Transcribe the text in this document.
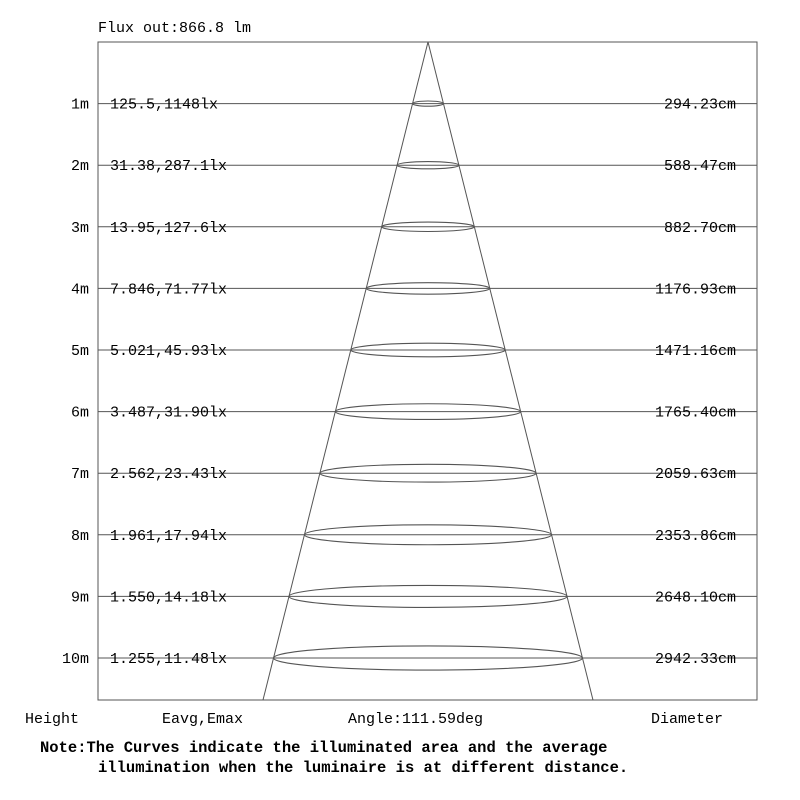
Flux out:866.8 lm
1m 125.5,1148lx	294.23cm
2m 31.38,287.1lx	588.47cm
3m 13.95,127.6lx	882.70cm
4m 7.846,71.77lx	1176.93cm
5m 5.021,45.93lx	1471.16cm
6m 3.487,31.90lx	1765.40cm
7m 2.562,23.43lx	2059.63cm
8m 1.961,17.94lx	2353.86cm
9m 1.550,14.18lx	2648.10cm
10m 1.255,11.48lx	2942.33cm
Height	Eavg,Emax	Angle:111.59deg	Diameter
Note:The Curves indicate the illuminated area and the average
illumination when the luminaire is at different distance.
